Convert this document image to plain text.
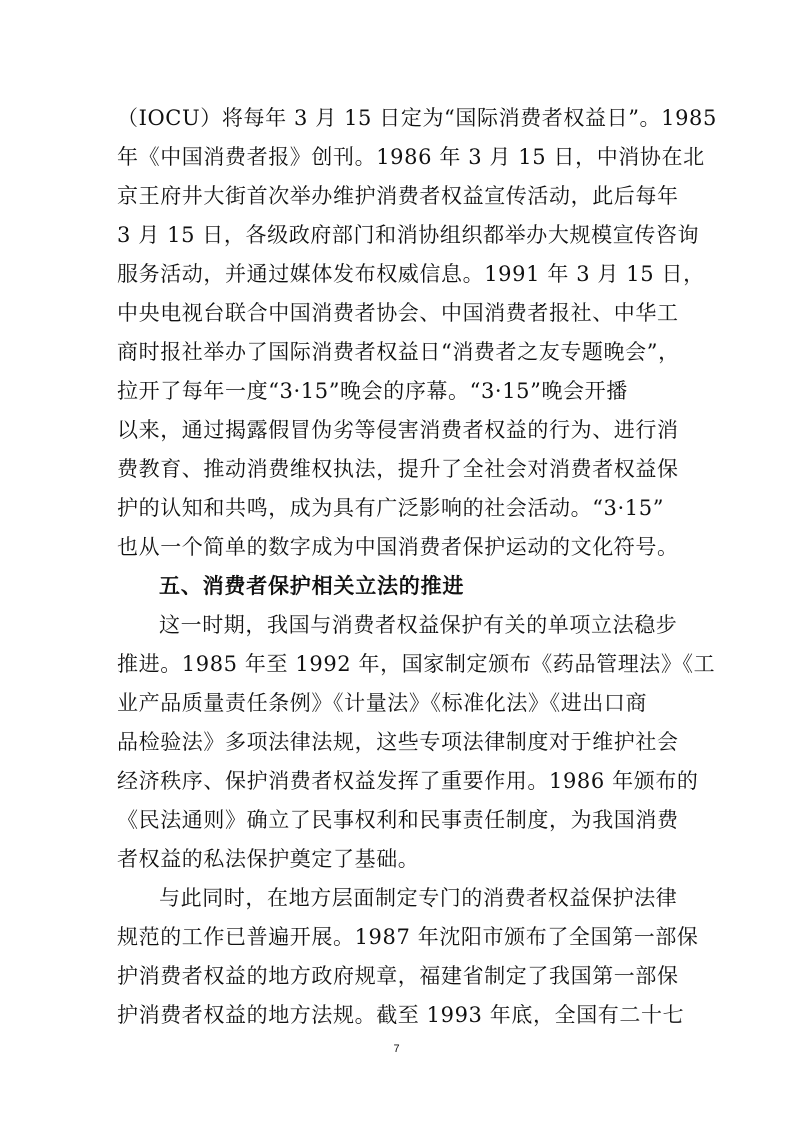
（IOCU）将每年 3 月 15 日定为“国际消费者权益日”。1985
年《中国消费者报》创刊。1986 年 3 月 15 日，中消协在北
京王府井大街首次举办维护消费者权益宣传活动，此后每年
3 月 15 日，各级政府部门和消协组织都举办大规模宣传咨询
服务活动，并通过媒体发布权威信息。1991 年 3 月 15 日，
中央电视台联合中国消费者协会、中国消费者报社、中华工
商时报社举办了国际消费者权益日“消费者之友专题晚会”，
拉开了每年一度“3·15”晚会的序幕。“3·15”晚会开播
以来，通过揭露假冒伪劣等侵害消费者权益的行为、进行消
费教育、推动消费维权执法，提升了全社会对消费者权益保
护的认知和共鸣，成为具有广泛影响的社会活动。“3·15”
也从一个简单的数字成为中国消费者保护运动的文化符号。
五、消费者保护相关立法的推进
这一时期，我国与消费者权益保护有关的单项立法稳步
推进。1985 年至 1992 年，国家制定颁布《药品管理法》《工
业产品质量责任条例》《计量法》《标准化法》《进出口商
品检验法》多项法律法规，这些专项法律制度对于维护社会
经济秩序、保护消费者权益发挥了重要作用。1986 年颁布的
《民法通则》确立了民事权利和民事责任制度，为我国消费
者权益的私法保护奠定了基础。
与此同时，在地方层面制定专门的消费者权益保护法律
规范的工作已普遍开展。1987 年沈阳市颁布了全国第一部保
护消费者权益的地方政府规章，福建省制定了我国第一部保
护消费者权益的地方法规。截至 1993 年底，全国有二十七
7
